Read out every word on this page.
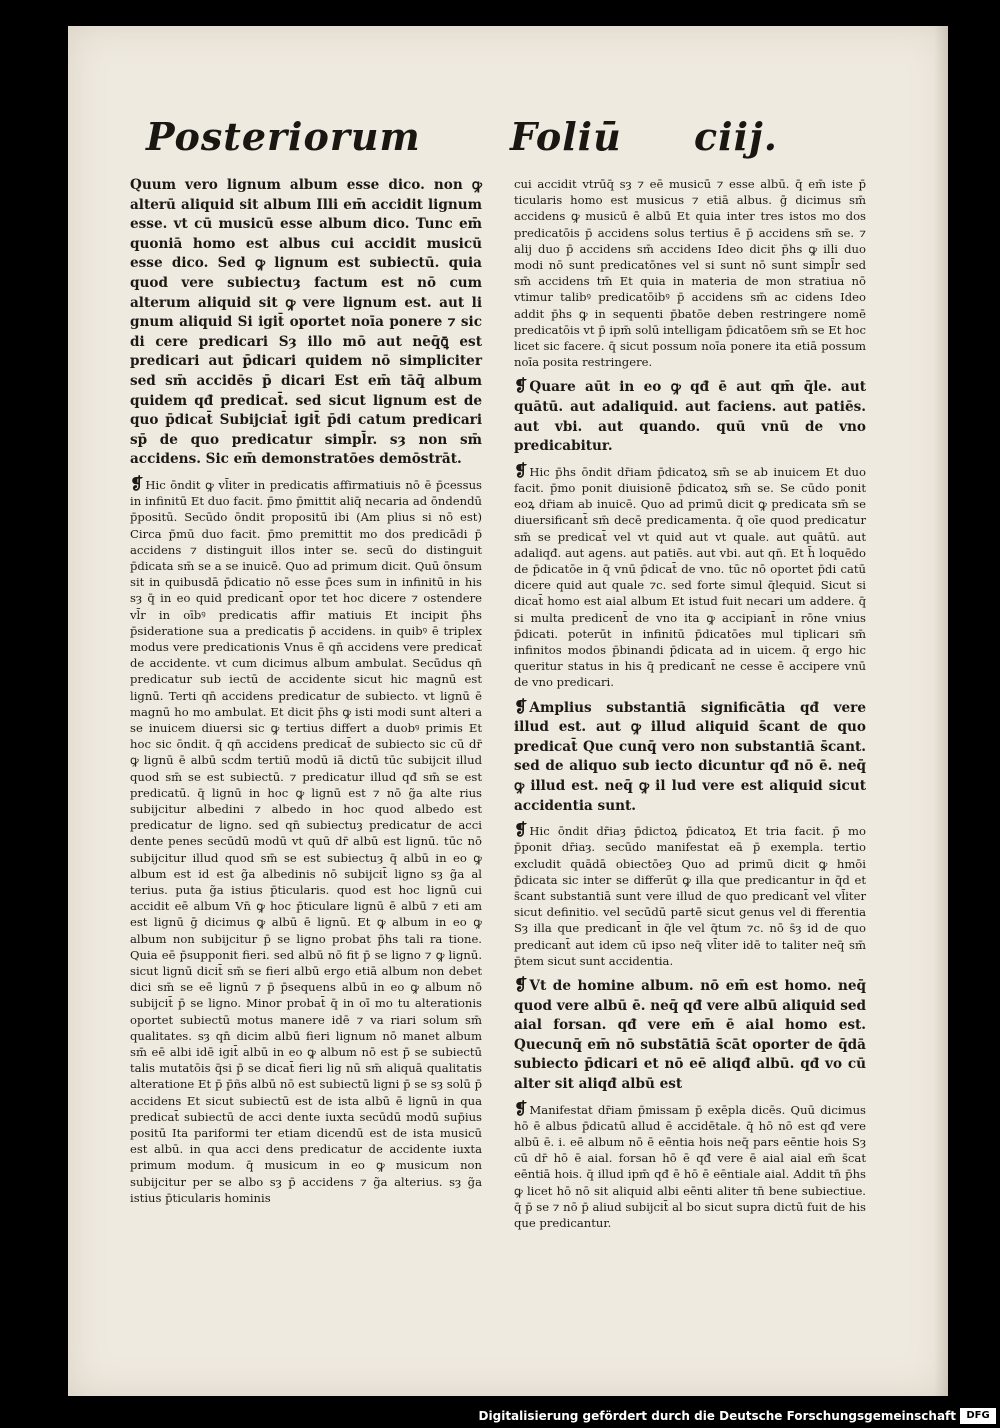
Posteriorum Foliū ciij.

Quum vero lignum album esse dico. non ꝙ alterū aliquid sit album Illi em̄ accidit lignum esse. vt cū musicū esse album dico. Tunc em̄ quoniā homo est albus cui accidit musicū esse dico. Sed ꝙ lignum est subiectū. quia quod vere subiectuȝ factum est nō cum alterum aliquid sit ꝙ vere lignum est. aut li gnum aliquid Si igit̄ oportet noīa ponere ⁊ sic di cere predicari Sȝ illo mō aut neq̄ꝗ̄ est predicari aut p̄dicari quidem nō simpliciter sed sm̄ accidēs p̄ dicari Est em̄ tāq̄ album quidem qđ predicat̄. sed sicut lignum est de quo p̄dicat̄ Subijciat̄ igit̄ p̄di catum predicari sp̄ de quo predicatur simpl̄r. sȝ non sm̄ accidens. Sic em̄ demonstratōes demōstrāt.

❡ Hic ōndit ꝙ vl̄iter in predicatis affirmatiuis nō ē p̄cessus in infinitū Et duo facit. p̄mo p̄mittit aliq̄ necaria ad ōndendū p̄positū. Secūdo ōndit propositū ibi (Am plius si nō est) Circa p̄mū duo facit. p̄mo premittit mo dos predicādi p̄ accidens ⁊ distinguit illos inter se. secū do distinguit p̄dicata sm̄ se a se inuicē. Quo ad primum dicit. Quū ōnsum sit in quibusdā p̄dicatio nō esse p̄ces sum in infinitū in his sȝ q̄ in eo quid predicant̄ opor tet hoc dicere ⁊ ostendere vl̄r in oībꝰ predicatis affir matiuis Et incipit p̄hs p̄sideratione sua a predicatis p̄ accidens. in quibꝰ ē triplex modus vere predicationis Vnus ē qn̄ accidens vere predicat̄ de accidente. vt cum dicimus album ambulat. Secūdus qn̄ predicatur sub iectū de accidente sicut hic magnū est lignū. Terti qn̄ accidens predicatur de subiecto. vt lignū ē magnū ho mo ambulat. Et dicit p̄hs ꝙ isti modi sunt alteri a se inuicem diuersi sic ꝙ tertius differt a duobꝰ primis Et hoc sic ōndit. q̄ qn̄ accidens predicat̄ de subiecto sic cū dr̄ ꝙ lignū ē albū scḋm tertiū modū iā dictū tūc subijcit illud quod sm̄ se est subiectū. ⁊ predicatur illud qđ sm̄ se est predicatū. q̄ lignū in hoc ꝙ lignū est ⁊ nō g̃a alte rius subijcitur albedini ⁊ albedo in hoc quod albedo est predicatur de ligno. sed qn̄ subiectuȝ predicatur de acci dente penes secūdū modū vt quū dr̄ albū est lignū. tūc nō subijcitur illud quod sm̄ se est subiectuȝ q̄ albū in eo ꝙ album est id est g̃a albedinis nō subijcit̄ ligno sȝ g̃a al terius. puta g̃a istius p̄ticularis. quod est hoc lignū cui accidit eē album Vn̄ ꝙ hoc p̄ticulare lignū ē albū ⁊ eti am est lignū ḡ dicimus ꝙ albū ē lignū. Et ꝙ album in eo ꝙ album non subijcitur p̄ se ligno probat p̄hs tali ra tione. Quia eē p̄supponit fieri. sed albū nō fit p̄ se ligno ⁊ ꝙ lignū. sicut lignū dicit̄ sm̄ se fieri albū ergo etiā album non debet dici sm̄ se eē lignū ⁊ p̄ p̄sequens albū in eo ꝙ album nō subijcit̄ p̄ se ligno. Minor probat̄ q̄ in oī mo tu alterationis oportet subiectū motus manere idē ⁊ va riari solum sm̄ qualitates. sȝ qn̄ dicim albū fieri lignum nō manet album sm̄ eē albi idē igit̄ albū in eo ꝙ album nō est p̄ se subiectū talis mutatōis q̄si p̄ se dicat̄ fieri lig nū sm̄ aliquā qualitatis alteratione Et p̄ p̄ñs albū nō est subiectū ligni p̄ se sȝ solū p̄ accidens Et sicut subiectū est de ista albū ē lignū in qua predicat̄ subiectū de acci dente iuxta secūdū modū sup̄ius positū Ita pariformi ter etiam dicendū est de ista musicū est albū. in qua acci dens predicatur de accidente iuxta primum modum. q̄ musicum in eo ꝙ musicum non subijcitur per se albo sȝ p̄ accidens ⁊ g̃a alterius. sȝ g̃a istius p̄ticularis hominis

cui accidit vtrūq̄ sȝ ⁊ eē musicū ⁊ esse albū. q̄ em̄ iste p̄ ticularis homo est musicus ⁊ etiā albus. ḡ dicimus sm̄ accidens ꝙ musicū ē albū Et quia inter tres istos mo dos predicatōis p̄ accidens solus tertius ē p̄ accidens sm̄ se. ⁊ alij duo p̄ accidens sm̄ accidens Ideo dicit p̄hs ꝙ illi duo modi nō sunt predicatōnes vel si sunt nō sunt simpl̄r sed sm̄ accidens tm̄ Et quia in materia de mon stratiua nō vtimur talibꝰ predicatōibꝰ p̄ accidens sm̄ ac cidens Ideo addit p̄hs ꝙ in sequenti p̄batōe deben restringere nomē predicatōis vt p̄ ipm̄ solū intelligam p̄dicatōem sm̄ se Et hoc licet sic facere. q̄ sicut possum noīa ponere ita etiā possum noīa posita restringere.

❡ Quare aūt in eo ꝙ qđ ē aut qm̄ q̄le. aut quātū. aut adaliquid. aut faciens. aut patiēs. aut vbi. aut quando. quū vnū de vno predicabitur.

❡ Hic p̄hs ōndit dr̄iam p̄dicatoꝝ sm̄ se ab inuicem Et duo facit. p̄mo ponit diuisionē p̄dicatoꝝ sm̄ se. Se cūdo ponit eoꝝ dr̄iam ab inuicē. Quo ad primū dicit ꝙ predicata sm̄ se diuersificant̄ sm̄ decē predicamenta. q̄ oīe quod predicatur sm̄ se predicat̄ vel vt quid aut vt quale. aut quātū. aut adaliqđ. aut agens. aut patiēs. aut vbi. aut qn̄. Et h̄ loquēdo de p̄dicatōe in q̄ vnū p̄dicat̄ de vno. tūc nō oportet p̄di catū dicere quid aut quale ⁊c. sed forte simul q̄lequid. Sicut si dicat̄ homo est aial album Et istud fuit necari um addere. q̄ si multa predicent̄ de vno ita ꝙ accipiant̄ in rōne vnius p̄dicati. poterūt in infinitū p̄dicatōes mul tiplicari sm̄ infinitos modos p̄binandi p̄dicata ad in uicem. q̄ ergo hic queritur status in his q̄ predicant̄ ne cesse ē accipere vnū de vno predicari.

❡ Amplius substantiā significātia qđ vere illud est. aut ꝙ illud aliquid s̄cant de quo predicat̄ Que cunq̄ vero non substantiā s̄cant. sed de aliquo sub iecto dicuntur qđ nō ē. neq̄ ꝙ illud est. neq̄ ꝙ il lud vere est aliquid sicut accidentia sunt.

❡ Hic ōndit dr̄iaȝ p̄dictoꝝ p̄dicatoꝝ Et tria facit. p̄ mo p̄ponit dr̄iaȝ. secūdo manifestat eā p̄ exempla. tertio excludit quādā obiectōeȝ Quo ad primū dicit ꝙ hmōi p̄dicata sic inter se differūt ꝙ illa que predicantur in q̄d et s̄cant substantiā sunt vere illud de quo predicant̄ vel vl̄iter sicut definitio. vel secūdū partē sicut genus vel di fferentia Sȝ illa que predicant̄ in q̄le vel q̄tum ⁊c. nō s̄ȝ id de quo predicant̄ aut idem cū ipso neq̄ vl̄iter idē to taliter neq̄ sm̄ p̄tem sicut sunt accidentia.

❡ Vt de homine album. nō em̄ est homo. neq̄ quod vere albū ē. neq̄ qđ vere albū aliquid sed aial forsan. qđ vere em̄ ē aial homo est. Quecunq̄ em̄ nō substātiā s̄cāt oporter de q̄dā subiecto p̄dicari et nō eē aliqđ albū. qđ vo cū alter sit aliqđ albū est

❡ Manifestat dr̄iam p̄missam p̄ exēpla dicēs. Quū dicimus hō ē albus p̄dicatū allud ē accidētale. q̄ hō nō est qđ vere albū ē. i. eē album nō ē eēntia hois neq̄ pars eēntie hois Sȝ cū dr̄ hō ē aial. forsan hō ē qđ vere ē aial aial em̄ s̄cat eēntiā hois. q̄ illud ipm̄ qđ ē hō ē eēntiale aial. Addit tn̄ p̄hs ꝙ licet hō nō sit aliquid albi eēnti aliter tn̄ bene subiectiue. q̄ p̄ se ⁊ nō p̄ aliud subijcit̄ al bo sicut supra dictū fuit de his que predicantur.

Digitalisierung gefördert durch die Deutsche Forschungsgemeinschaft	DFG
